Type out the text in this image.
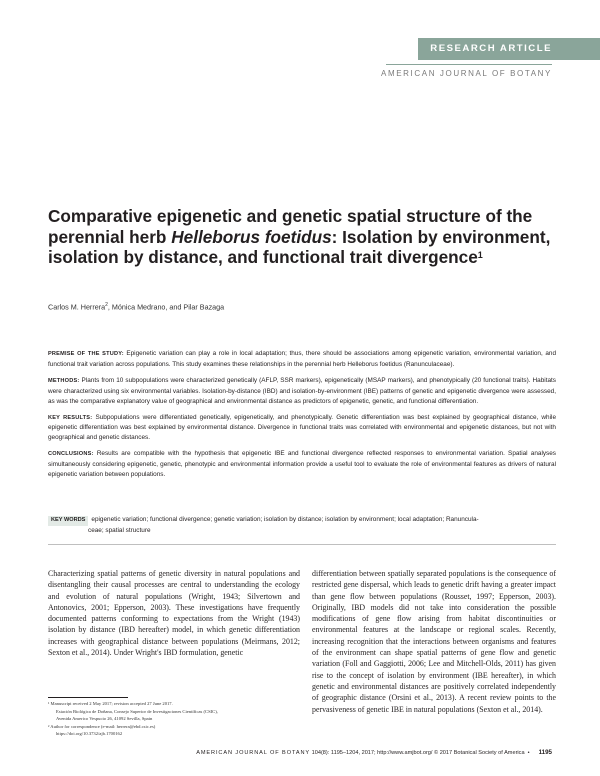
RESEARCH ARTICLE
AMERICAN JOURNAL OF BOTANY
Comparative epigenetic and genetic spatial structure of the perennial herb Helleborus foetidus: Isolation by environment, isolation by distance, and functional trait divergence$^1$
Carlos M. Herrera$^2$, Mónica Medrano, and Pilar Bazaga

PREMISE OF THE STUDY: Epigenetic variation can play a role in local adaptation; thus, there should be associations among epigenetic variation, environmental variation, and functional trait variation across populations. This study examines these relationships in the perennial herb Helleborus foetidus (Ranunculaceae).

METHODS: Plants from 10 subpopulations were characterized genetically (AFLP, SSR markers), epigenetically (MSAP markers), and phenotypically (20 functional traits). Habitats were characterized using six environmental variables. Isolation-by-distance (IBD) and isolation-by-environment (IBE) patterns of genetic and epigenetic divergence were assessed, as was the comparative explanatory value of geographical and environmental distance as predictors of epigenetic, genetic, and functional differentiation.

KEY RESULTS: Subpopulations were differentiated genetically, epigenetically, and phenotypically. Genetic differentiation was best explained by geographical distance, while epigenetic differentiation was best explained by environmental distance. Divergence in functional traits was correlated with environmental and epigenetic distances, but not with geographical and genetic distances.

CONCLUSIONS: Results are compatible with the hypothesis that epigenetic IBE and functional divergence reflected responses to environmental variation. Spatial analyses simultaneously considering epigenetic, genetic, phenotypic and environmental information provide a useful tool to evaluate the role of environmental features as drivers of natural epigenetic variation between populations.

KEY WORDS epigenetic variation; functional divergence; genetic variation; isolation by distance; isolation by environment; local adaptation; Ranuncula-
ceae; spatial structure
Characterizing spatial patterns of genetic diversity in natural populations and disentangling their causal processes are central to understanding the ecology and evolution of natural populations (Wright, 1943; Silvertown and Antonovics, 2001; Epperson, 2003). These investigations have frequently documented patterns conforming to expectations from the Wright (1943) isolation by distance (IBD hereafter) model, in which genetic differentiation increases with geographical distance between populations (Meirmans, 2012; Sexton et al., 2014). Under Wright's IBD formulation, genetic
differentiation between spatially separated populations is the consequence of restricted gene dispersal, which leads to genetic drift having a greater impact than gene flow between populations (Rousset, 1997; Epperson, 2003). Originally, IBD models did not take into consideration the possible modifications of gene flow arising from habitat discontinuities or environmental features at the landscape or regional scales. Recently, increasing recognition that the interactions between organisms and features of the environment can shape spatial patterns of gene flow and genetic variation (Foll and Gaggiotti, 2006; Lee and Mitchell-Olds, 2011) has given rise to the concept of isolation by environment (IBE hereafter), in which genetic and environmental distances are positively correlated independently of geographic distance (Orsini et al., 2013). A recent review points to the pervasiveness of genetic IBE in natural populations (Sexton et al., 2014).
¹ Manuscript received 2 May 2017; revision accepted 27 June 2017.
Estación Biológica de Doñana, Consejo Superior de Investigaciones Científicas (CSIC),
Avenida Americo Vespucio 26, 41092 Sevilla, Spain
² Author for correspondence (e-mail: herrera@ebd.csic.es)
https://doi.org/10.3732/ajb.1700162
AMERICAN JOURNAL OF BOTANY 104(8): 1195–1204, 2017; http://www.amjbot.org/ © 2017 Botanical Society of America • 1195
